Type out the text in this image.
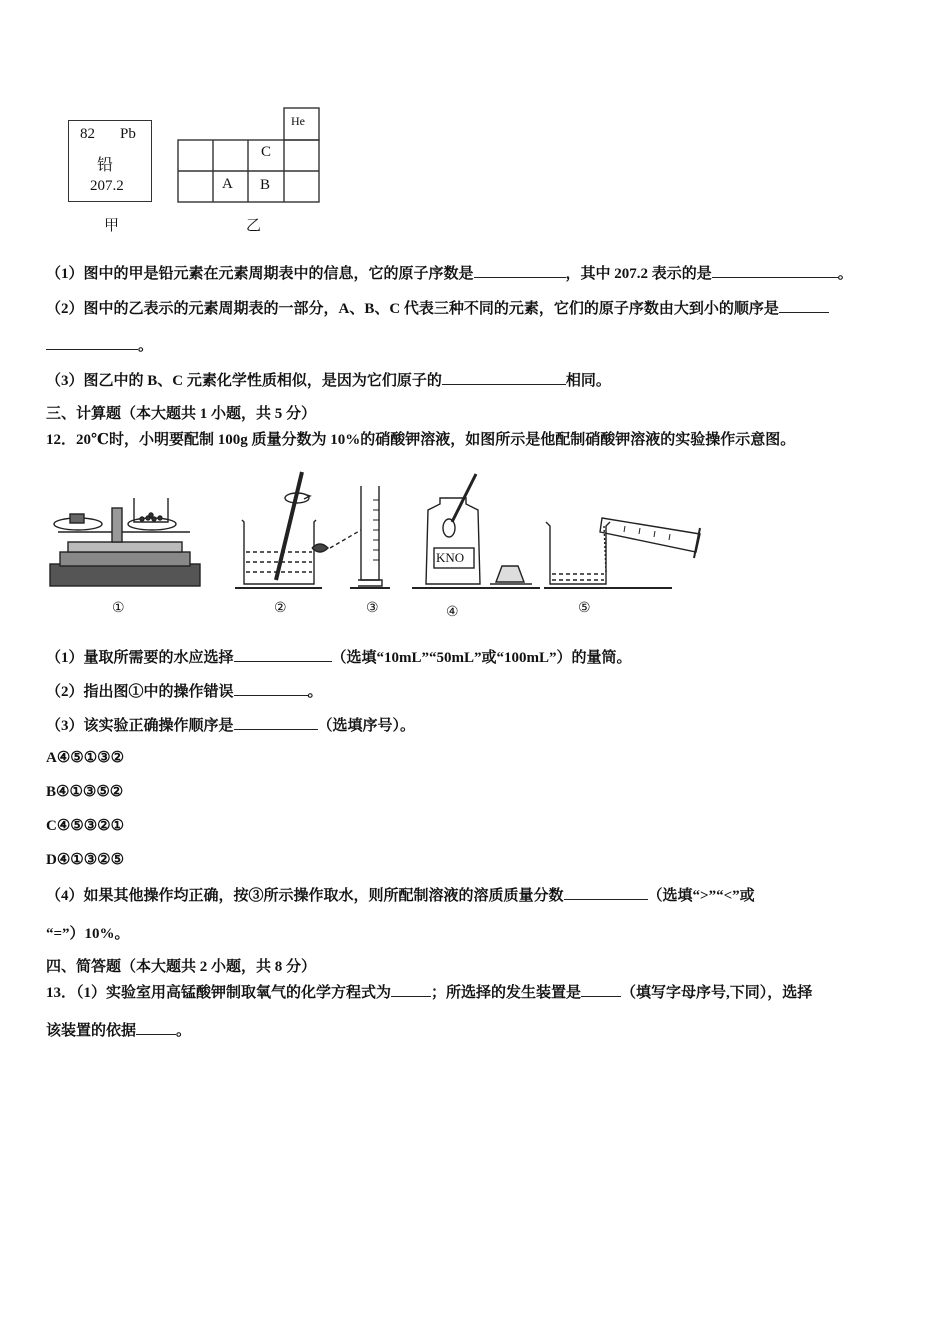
82 Pb
铅
207.2
甲
He
C
A B
乙
（1）图中的甲是铅元素在元素周期表中的信息，它的原子序数是	，其中 207.2 表示的是	。
（2）图中的乙表示的元素周期表的一部分，A、B、C 代表三种不同的元素，它们的原子序数由大到小的顺序是
。
（3）图乙中的 B、C 元素化学性质相似，是因为它们原子的	相同。
三、计算题（本大题共 1 小题，共 5 分）
12．20℃时，小明要配制 100g 质量分数为 10%的硝酸钾溶液，如图所示是他配制硝酸钾溶液的实验操作示意图。
KNO
①	②	③	④	⑤
（1）量取所需要的水应选择	（选填“10mL”“50mL”或“100mL”）的量筒。
（2）指出图①中的操作错误	。
（3）该实验正确操作顺序是	（选填序号）。
A④⑤①③②
B④①③⑤②
C④⑤③②①
D④①③②⑤
（4）如果其他操作均正确，按③所示操作取水，则所配制溶液的溶质质量分数	（选填“>”“<”或
“=”）10%。
四、简答题（本大题共 2 小题，共 8 分）
13．（1）实验室用高锰酸钾制取氧气的化学方程式为	；所选择的发生装置是	（填写字母序号,下同），选择
该装置的依据	。
